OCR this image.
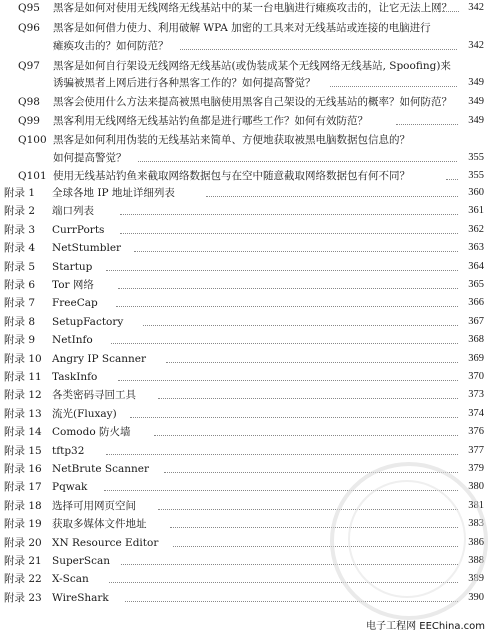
Q95	黑客是如何对使用无线网络无线基站中的某一台电脑进行瘫痪攻击的，让它无法上网？ 342
Q96	黑客是如何借力使力、利用破解 WPA 加密的工具来对无线基站或连接的电脑进行
瘫痪攻击的？如何防范？	342
Q97	黑客是如何自行架设无线网络无线基站(或伪装成某个无线网络无线基站, Spoofing)来
诱骗被黑者上网后进行各种黑客工作的？如何提高警觉？	349
Q98	黑客会使用什么方法来提高被黑电脑使用黑客自己架设的无线基站的概率？如何防范？ 349
Q99	黑客利用无线网络无线基站钓鱼都是进行哪些工作？如何有效防范？	349
Q100 黑客是如何利用伪装的无线基站来简单、方便地获取被黑电脑数据包信息的？
如何提高警觉？	355
Q101 使用无线基站钓鱼来截取网络数据包与在空中随意截取网络数据包有何不同？	355
附录 1	全球各地 IP 地址详细列表	360
附录 2	端口列表	361
附录 3	CurrPorts	362
附录 4	NetStumbler	363
附录 5	Startup	364
附录 6	Tor 网络	365
附录 7	FreeCap	366
附录 8	SetupFactory	367
附录 9	NetInfo	368
附录 10 Angry IP Scanner	369
附录 11 TaskInfo	370
附录 12 各类密码寻回工具	373
附录 13 流光(Fluxay)	374
附录 14 Comodo 防火墙	376
附录 15 tftp32	377
附录 16 NetBrute Scanner	379
附录 17 Pqwak	380
附录 18 选择可用网页空间	381
附录 19 获取多媒体文件地址	383
附录 20 XN Resource Editor	386
附录 21 SuperScan	388
附录 22 X-Scan	389
附录 23 WireShark	390
电子工程网 EEChina.com
